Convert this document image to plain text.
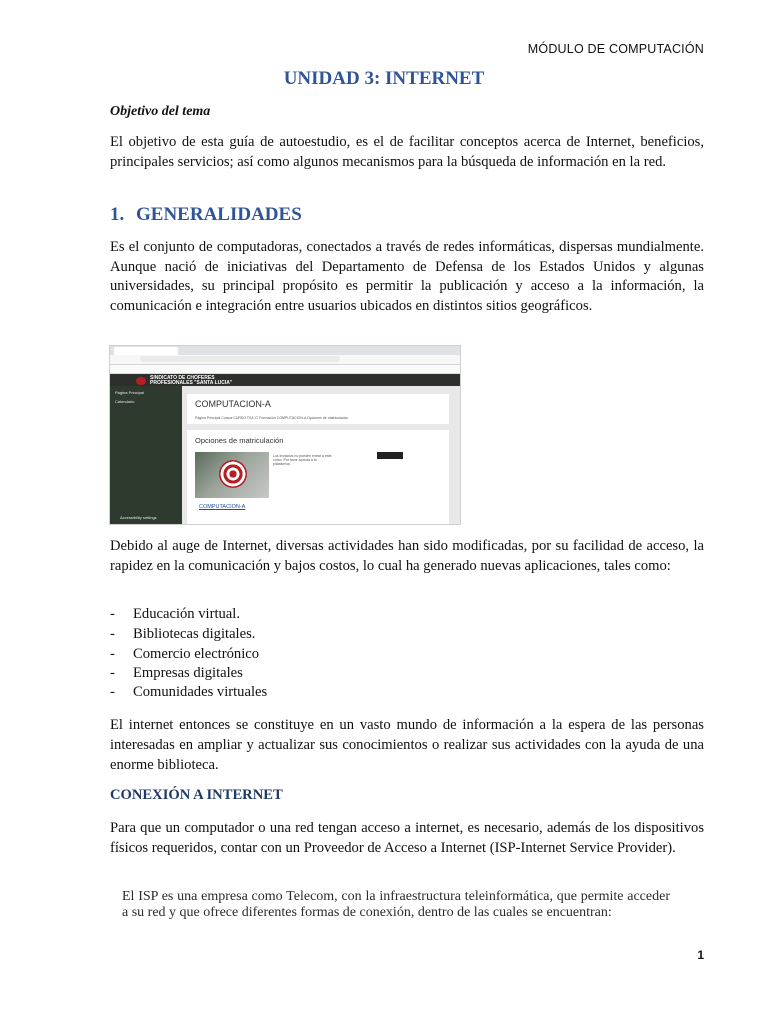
MÓDULO DE COMPUTACIÓN
UNIDAD 3: INTERNET
Objetivo del tema

El objetivo de esta guía de autoestudio, es el de facilitar conceptos acerca de Internet, beneficios, principales servicios; así como algunos mecanismos para la búsqueda de información en la red.

1. GENERALIDADES

Es el conjunto de computadoras, conectados a través de redes informáticas, dispersas mundialmente. Aunque nació de iniciativas del Departamento de Defensa de los Estados Unidos y algunas universidades, su principal propósito es permitir la publicación y acceso a la información, la comunicación e integración entre usuarios ubicados en distintos sitios geográficos.

SINDICATO DE CHOFERES
PROFESIONALES "SANTA LUCIA"
Página Principal
Calendario
Accessibility settings
COMPUTACION-A
Página Principal Cursos CURSO TSA 'C' Formación COMPUTACION-A Opciones de matriculación
Opciones de matriculación
Los invitados no pueden entrar a este curso. Por favor acceda a la plataforma.
COMPUTACION-A

Debido al auge de Internet, diversas actividades han sido modificadas, por su facilidad de acceso, la rapidez en la comunicación y bajos costos, lo cual ha generado nuevas aplicaciones, tales como:

-	Educación virtual.
-	Bibliotecas digitales.
-	Comercio electrónico
-	Empresas digitales
-	Comunidades virtuales

El internet entonces se constituye en un vasto mundo de información a la espera de las personas interesadas en ampliar y actualizar sus conocimientos o realizar sus actividades con la ayuda de una enorme biblioteca.

CONEXIÓN A INTERNET

Para que un computador o una red tengan acceso a internet, es necesario, además de los dispositivos físicos requeridos, contar con un Proveedor de Acceso a Internet (ISP-Internet Service Provider).

El ISP es una empresa como Telecom, con la infraestructura teleinformática, que permite acceder a su red y que ofrece diferentes formas de conexión, dentro de las cuales se encuentran:
1
